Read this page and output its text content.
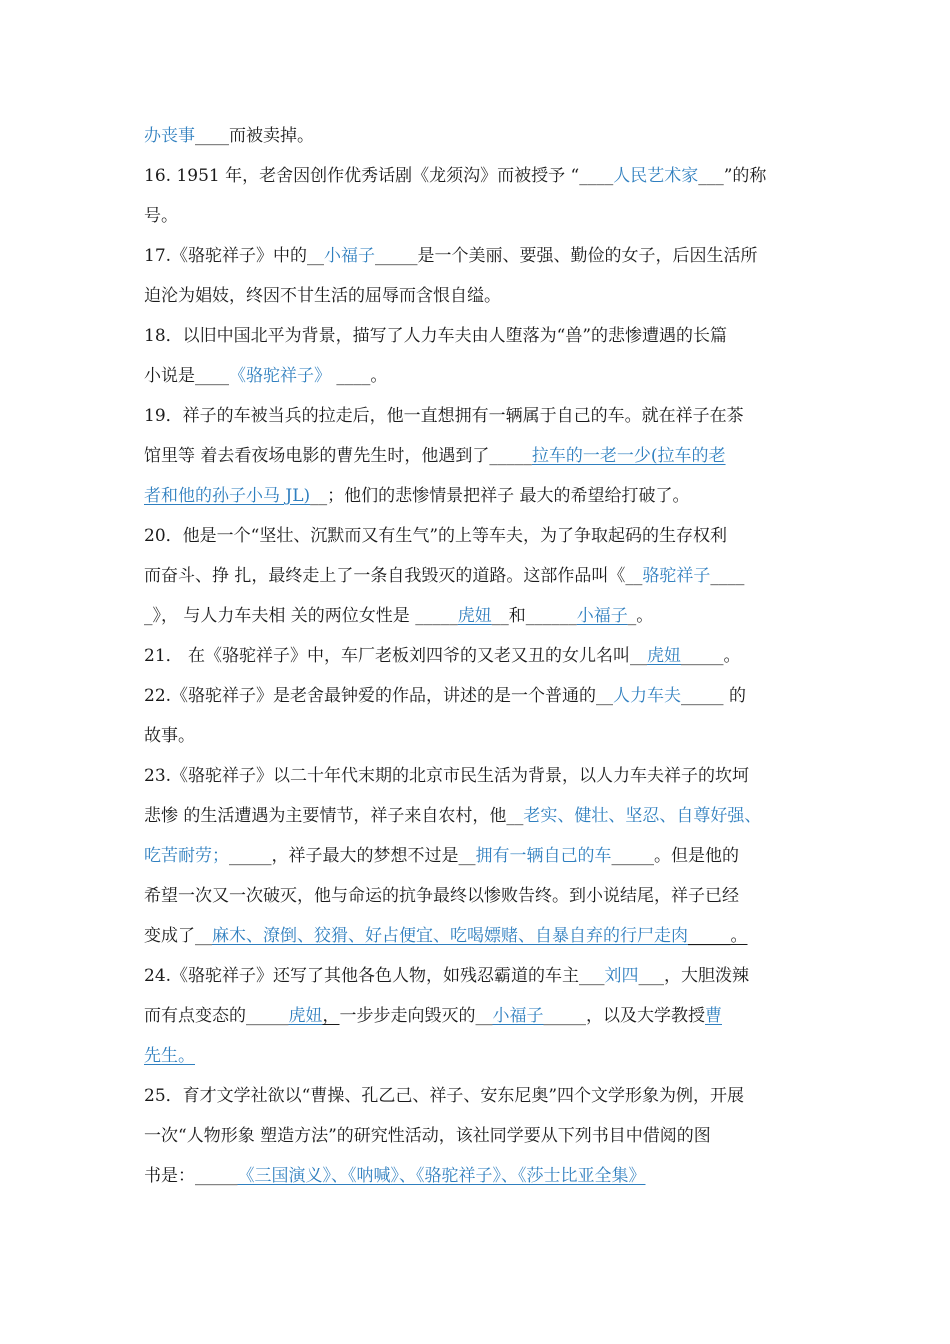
办丧事____而被卖掉。
16. 1951 年，老舍因创作优秀话剧《龙须沟》而被授予 “____人民艺术家___”的称
号。
17.《骆驼祥子》中的__小福子_____是一个美丽、要强、勤俭的女子，后因生活所
迫沦为娼妓，终因不甘生活的屈辱而含恨自缢。
18．以旧中国北平为背景，描写了人力车夫由人堕落为“兽”的悲惨遭遇的长篇
小说是____《骆驼祥子》 ____。
19．祥子的车被当兵的拉走后，他一直想拥有一辆属于自己的车。就在祥子在茶
馆里等 着去看夜场电影的曹先生时，他遇到了_____拉车的一老一少(拉车的老
者和他的孙子小马 JL)__；他们的悲惨情景把祥子 最大的希望给打破了。
20．他是一个“坚壮、沉默而又有生气”的上等车夫，为了争取起码的生存权利
而奋斗、挣 扎，最终走上了一条自我毁灭的道路。这部作品叫《__骆驼祥子____
_》， 与人力车夫相 关的两位女性是 _____虎妞__和______小福子_。
21． 在《骆驼祥子》中，车厂老板刘四爷的又老又丑的女儿名叫__虎妞_____。
22.《骆驼祥子》是老舍最钟爱的作品，讲述的是一个普通的__人力车夫_____ 的
故事。
23.《骆驼祥子》以二十年代末期的北京市民生活为背景，以人力车夫祥子的坎坷
悲惨 的生活遭遇为主要情节，祥子来自农村，他__老实、健壮、坚忍、自尊好强、
吃苦耐劳；_____，祥子最大的梦想不过是__拥有一辆自己的车_____。但是他的
希望一次又一次破灭，他与命运的抗争最终以惨败告终。到小说结尾，祥子已经
变成了__麻木、潦倒、狡猾、好占便宜、吃喝嫖赌、自暴自弃的行尸走肉_____。
24.《骆驼祥子》还写了其他各色人物，如残忍霸道的车主___刘四___，大胆泼辣
而有点变态的_____虎妞，一步步走向毁灭的__小福子_____，以及大学教授曹
先生。
25．育才文学社欲以“曹操、孔乙己、祥子、安东尼奥”四个文学形象为例，开展
一次“人物形象 塑造方法”的研究性活动，该社同学要从下列书目中借阅的图
书是：_____《三国演义》、《呐喊》、《骆驼祥子》、《莎士比亚全集》
